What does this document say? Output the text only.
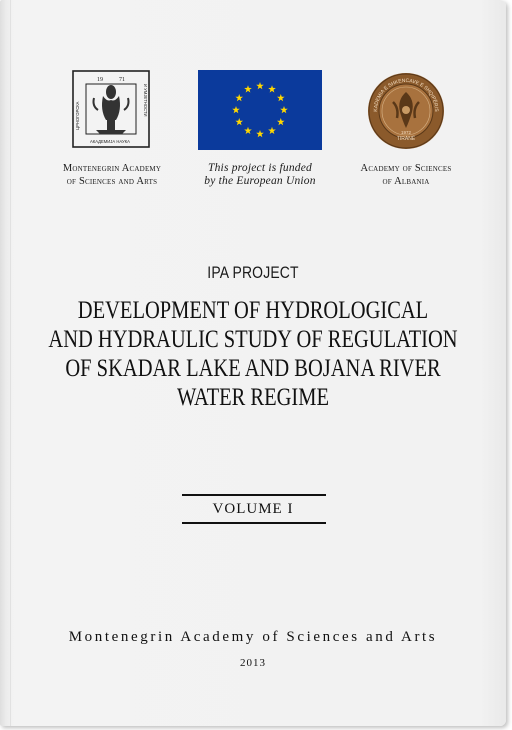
19	71
ЦРНОГОРСКА
АКАДЕМИЈА НАУКА
И УМЈЕТНОСТИ
TIRANË
1972
KADEMIA E SHKENCAVE E SHQIPËRIS
Montenegrin Academy
of Sciences and Arts
This project is funded
by the European Union
Academy of Sciences
of Albania
IPA PROJECT
DEVELOPMENT OF HYDROLOGICAL
AND HYDRAULIC STUDY OF REGULATION
OF SKADAR LAKE AND BOJANA RIVER
WATER REGIME
VOLUME I
Montenegrin Academy of Sciences and Arts
2013
